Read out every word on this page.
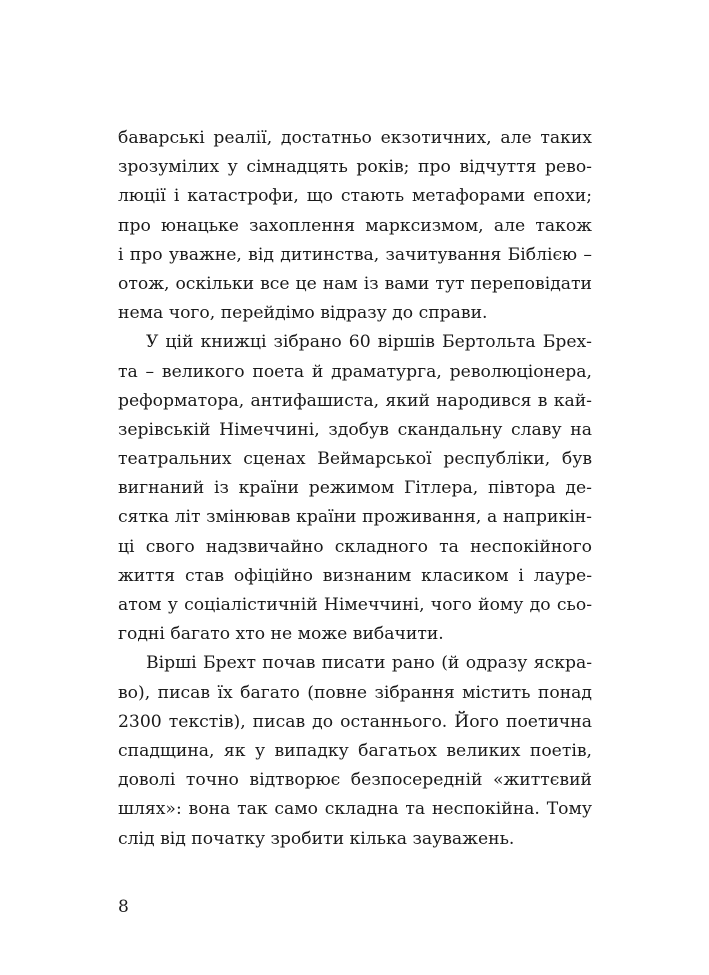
баварські реалії, достатньо екзотичних, але таких
зрозумілих у сімнадцять років; про відчуття рево-
люції і катастрофи, що стають метафорами епохи;
про юнацьке захоплення марксизмом, але також
і про уважне, від дитинства, зачитування Біблією –
отож, оскільки все це нам із вами тут переповідати
нема чого, перейдімо відразу до справи.
У цій книжці зібрано 60 віршів Бертольта Брех-
та – великого поета й драматурга, революціонера,
реформатора, антифашиста, який народився в кай-
зерівській Німеччині, здобув скандальну славу на
театральних сценах Веймарської республіки, був
вигнаний із країни режимом Гітлера, півтора де-
сятка літ змінював країни проживання, а наприкін-
ці свого надзвичайно складного та неспокійного
життя став офіційно визнаним класиком і лауре-
атом у соціалістичній Німеччині, чого йому до сьо-
годні багато хто не може вибачити.
Вірші Брехт почав писати рано (й одразу яскра-
во), писав їх багато (повне зібрання містить понад
2300 текстів), писав до останнього. Його поетична
спадщина, як у випадку багатьох великих поетів,
доволі точно відтворює безпосередній «життєвий
шлях»: вона так само складна та неспокійна. Тому
слід від початку зробити кілька зауважень.
8
